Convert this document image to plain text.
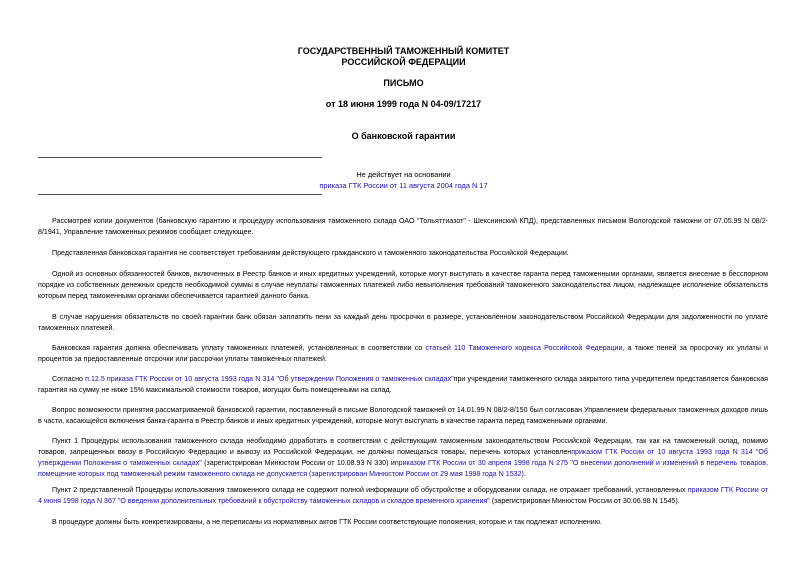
ГОСУДАРСТВЕННЫЙ ТАМОЖЕННЫЙ КОМИТЕТ
РОССИЙСКОЙ ФЕДЕРАЦИИ
ПИСЬМО
от 18 июня 1999 года N 04-09/17217
О банковской гарантии
Не действует на основании
приказа ГТК России от 11 августа 2004 года N 17

Рассмотрев копии документов (банковскую гарантию и процедуру использования таможенного склада ОАО "Тольяттиазот" - Шекснинский КПД), представленных письмом Вологодской таможни от 07.05.99 N 08/2-8/1941, Управление таможенных режимов сообщает следующее.

Представленная банковская гарантия не соответствует требованиям действующего гражданского и таможенного законодательства Российской Федерации.

Одной из основных обязанностей банков, включенных в Реестр банков и иных кредитных учреждений, которые могут выступать в качестве гаранта перед таможенными органами, является внесение в бесспорном порядке из собственных денежных средств необходимой суммы в случае неуплаты таможенных платежей либо невыполнения требований таможенного законодательства лицом, надлежащее исполнение обязательств которым перед таможенными органами обеспечивается гарантией данного банка.

В случае нарушения обязательств по своей гарантии банк обязан заплатить пени за каждый день просрочки в размере, установленном законодательством Российской Федерации для задолженности по уплате таможенных платежей.

Банковская гарантия должна обеспечивать уплату таможенных платежей, установленных в соответствии со статьей 110 Таможенного кодекса Российской Федерации, а также пеней за просрочку их уплаты и процентов за предоставленные отсрочки или рассрочки уплаты таможенных платежей.

Согласно п.12.5 приказа ГТК России от 10 августа 1993 года N 314 "Об утверждении Положения о таможенных складах"при учреждении таможенного склада закрытого типа учредителем представляется банковская гарантия на сумму не ниже 15% максимальной стоимости товаров, могущих быть помещенными на склад.

Вопрос возможности принятия рассматриваемой банковской гарантии, поставленный в письме Вологодской таможней от 14.01.99 N 08/2-8/150 был согласован Управлением федеральных таможенных доходов лишь в части, касающейся включения банка-гаранта в Реестр банков и иных кредитных учреждений, которые могут выступать в качестве гаранта перед таможенными органами.

Пункт 1 Процедуры использования таможенного склада необходимо доработать в соответствии с действующим таможенным законодательством Российской Федерации, так как на таможенный склад, помимо товаров, запрещенных ввозу в Российскую Федерацию и вывозу из Российской Федерации, не должны помещаться товары, перечень которых установленприказом ГТК России от 10 августа 1993 года N 314 "Об утверждении Положения о таможенных складах" (зарегистрирован Минюстом России от 10.08.93 N 330) иприказом ГТК России от 30 апреля 1998 года N 275 "О внесении дополнений и изменений в перечень товаров, помещение которых под таможенный режим таможенного склада не допускается (зарегистрирован Минюстом России от 29 мая 1998 года N 1532).

Пункт 2 представленной Процедуры использования таможенного склада не содержит полной информации об обустройстве и оборудовании склада, не отражает требований, установленных приказом ГТК России от 4 июня 1998 года N 367 "О введении дополнительных требований к обустройству таможенных складов и складов временного хранения" (зарегистрирован Минюстом России от 30.06.98 N 1545).

В процедуре должны быть конкретизированы, а не переписаны из нормативных актов ГТК России соответствующие положения, которые и так подлежат исполнению.
